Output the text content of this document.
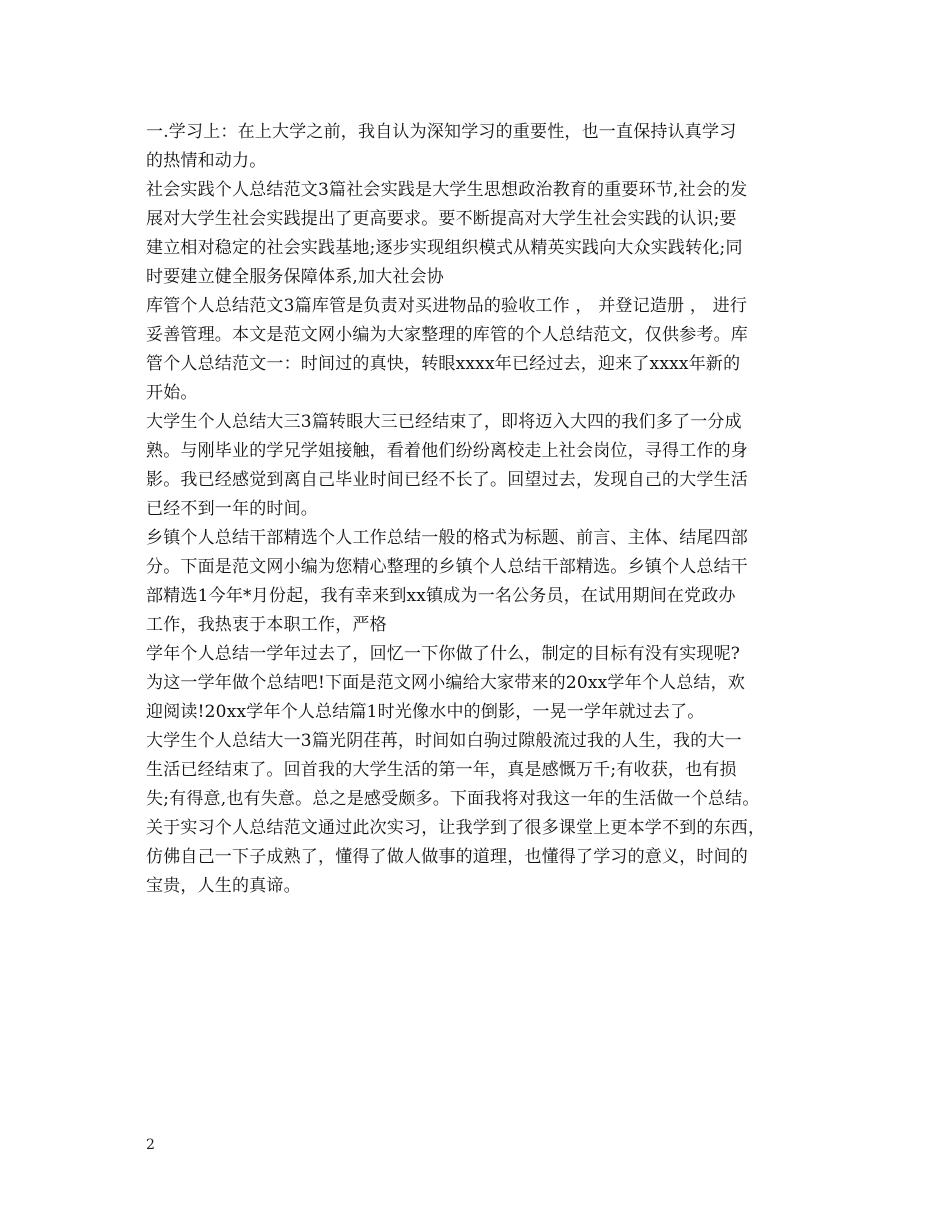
一.学习上：在上大学之前，我自认为深知学习的重要性，也一直保持认真学习
的热情和动力。

社会实践个人总结范文3篇社会实践是大学生思想政治教育的重要环节,社会的发
展对大学生社会实践提出了更高要求。要不断提高对大学生社会实践的认识;要
建立相对稳定的社会实践基地;逐步实现组织模式从精英实践向大众实践转化;同
时要建立健全服务保障体系,加大社会协

库管个人总结范文3篇库管是负责对买进物品的验收工作 ， 并登记造册 ， 进行
妥善管理。本文是范文网小编为大家整理的库管的个人总结范文，仅供参考。库
管个人总结范文一：时间过的真快，转眼xxxx年已经过去，迎来了xxxx年新的
开始。

大学生个人总结大三3篇转眼大三已经结束了，即将迈入大四的我们多了一分成
熟。与刚毕业的学兄学姐接触，看着他们纷纷离校走上社会岗位，寻得工作的身
影。我已经感觉到离自己毕业时间已经不长了。回望过去，发现自己的大学生活
已经不到一年的时间。

乡镇个人总结干部精选个人工作总结一般的格式为标题、前言、主体、结尾四部
分。下面是范文网小编为您精心整理的乡镇个人总结干部精选。乡镇个人总结干
部精选1今年*月份起，我有幸来到xx镇成为一名公务员，在试用期间在党政办
工作，我热衷于本职工作，严格

学年个人总结一学年过去了，回忆一下你做了什么，制定的目标有没有实现呢?
为这一学年做个总结吧!下面是范文网小编给大家带来的20xx学年个人总结，欢
迎阅读!20xx学年个人总结篇1时光像水中的倒影，一晃一学年就过去了。

大学生个人总结大一3篇光阴荏苒，时间如白驹过隙般流过我的人生，我的大一
生活已经结束了。回首我的大学生活的第一年，真是感慨万千;有收获，也有损
失;有得意,也有失意。总之是感受颇多。下面我将对我这一年的生活做一个总结。

关于实习个人总结范文通过此次实习，让我学到了很多课堂上更本学不到的东西，
仿佛自己一下子成熟了，懂得了做人做事的道理，也懂得了学习的意义，时间的
宝贵，人生的真谛。

2
